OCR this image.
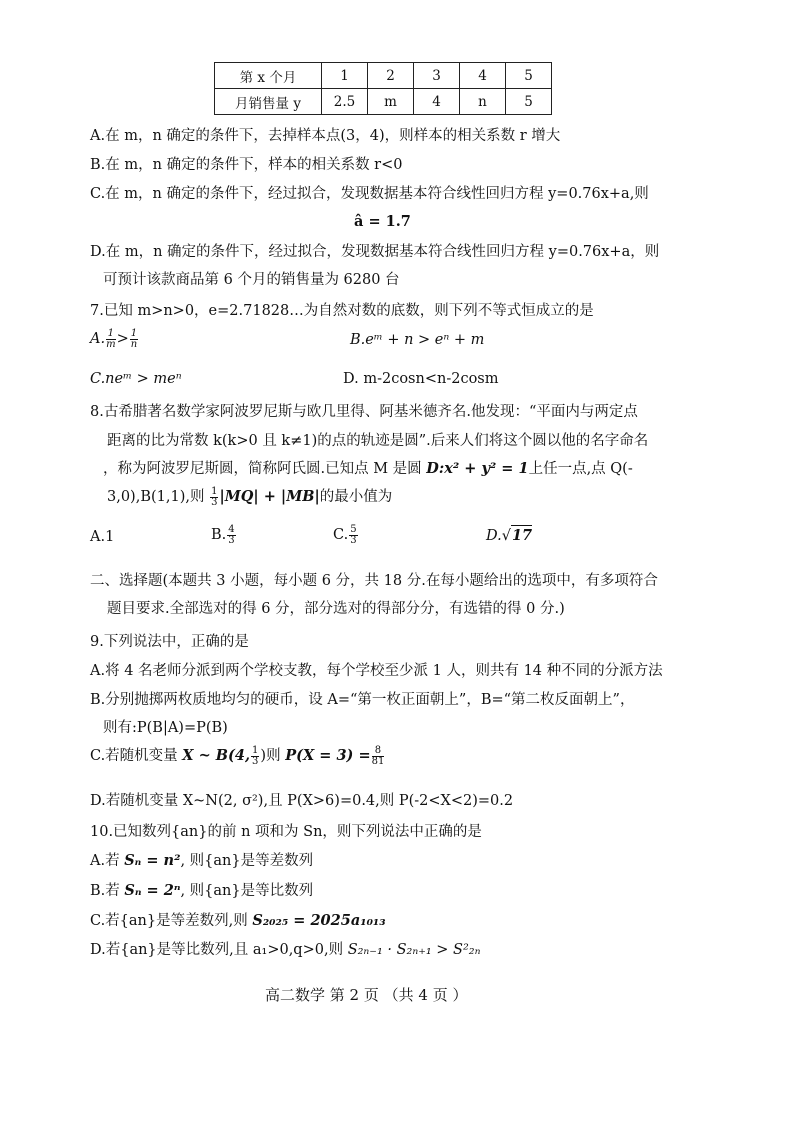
第 x 个月	1	2	3	4	5
月销售量 y	2.5	m	4	n	5
A.在 m，n 确定的条件下，去掉样本点(3，4)，则样本的相关系数 r 增大
B.在 m，n 确定的条件下，样本的相关系数 r<0
C.在 m，n 确定的条件下，经过拟合，发现数据基本符合线性回归方程 y=0.76x+a,则
â = 1.7
D.在 m，n 确定的条件下，经过拟合，发现数据基本符合线性回归方程 y=0.76x+a，则
可预计该款商品第 6 个月的销售量为 6280 台
7.已知 m>n>0，e=2.71828…为自然对数的底数，则下列不等式恒成立的是
A. $\frac{1}{m} > \frac{1}{n}$	B.eᵐ + n > eⁿ + m
C.neᵐ > meⁿ	D. m-2cosn<n-2cosm
8.古希腊著名数学家阿波罗尼斯与欧几里得、阿基米德齐名.他发现：“平面内与两定点
距离的比为常数 k(k>0 且 k≠1)的点的轨迹是圆”.后来人们将这个圆以他的名字命名
，称为阿波罗尼斯圆，简称阿氏圆.已知点 M 是圆 D:x² + y² = 1上任一点,点 Q(-
3,0),B(1,1),则 $\frac{1}{3} |MQ| + |MB|$的最小值为
A.1	B. $\frac{4}{3}$	C. $\frac{5}{3}$	D.√17
二、选择题(本题共 3 小题，每小题 6 分，共 18 分.在每小题给出的选项中，有多项符合
题目要求.全部选对的得 6 分，部分选对的得部分分，有选错的得 0 分.)
9.下列说法中，正确的是
A.将 4 名老师分派到两个学校支教，每个学校至少派 1 人，则共有 14 种不同的分派方法
B.分别抛掷两枚质地均匀的硬币，设 A=“第一枚正面朝上”，B=“第二枚反面朝上”，
则有:P(B|A)=P(B)
C.若随机变量 X ~ B(4, $\frac{1}{3}$ )则 $P(X = 3) = \frac{8}{81}$
D.若随机变量 X~N(2, σ²),且 P(X>6)=0.4,则 P(-2<X<2)=0.2
10.已知数列{an}的前 n 项和为 Sn，则下列说法中正确的是
A.若 Sₙ = n², 则{an}是等差数列
B.若 Sₙ = 2ⁿ, 则{an}是等比数列
C.若{an}是等差数列,则 S₂₀₂₅ = 2025a₁₀₁₃
D.若{an}是等比数列,且 a₁>0,q>0,则 S₂ₙ₋₁ · S₂ₙ₊₁ > S²₂ₙ
高二数学 第 2 页 （共 4 页 ）
